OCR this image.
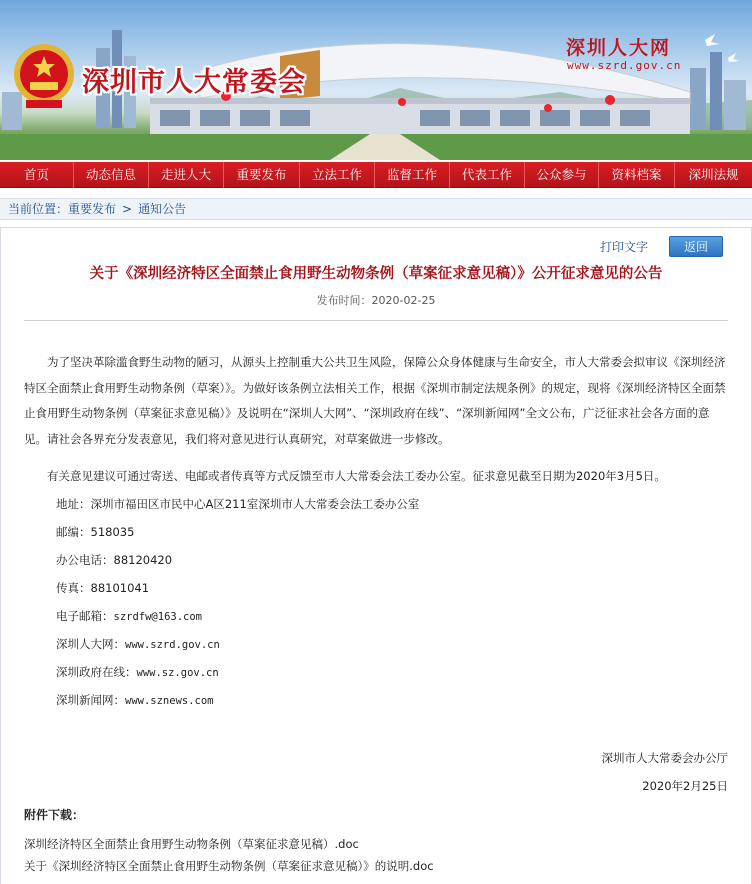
深圳市人大常委会
深圳人大网
www.szrd.gov.cn
首页	动态信息	走进人大	重要发布	立法工作	监督工作	代表工作	公众参与	资料档案	深圳法规
当前位置：重要发布 > 通知公告
打印文字	返回
关于《深圳经济特区全面禁止食用野生动物条例（草案征求意见稿）》公开征求意见的公告
发布时间：2020-02-25
为了坚决革除滥食野生动物的陋习，从源头上控制重大公共卫生风险，保障公众身体健康与生命安全，市人大常委会拟审议《深圳经济特区全面禁止食用野生动物条例（草案）》。为做好该条例立法相关工作，根据《深圳市制定法规条例》的规定，现将《深圳经济特区全面禁止食用野生动物条例（草案征求意见稿）》及说明在“深圳人大网”、“深圳政府在线”、“深圳新闻网”全文公布，广泛征求社会各方面的意见。请社会各界充分发表意见，我们将对意见进行认真研究，对草案做进一步修改。
有关意见建议可通过寄送、电邮或者传真等方式反馈至市人大常委会法工委办公室。征求意见截至日期为2020年3月5日。
地址：深圳市福田区市民中心A区211室深圳市人大常委会法工委办公室
邮编：518035
办公电话：88120420
传真：88101041
电子邮箱：szrdfw@163.com
深圳人大网：www.szrd.gov.cn
深圳政府在线：www.sz.gov.cn
深圳新闻网：www.sznews.com
深圳市人大常委会办公厅
2020年2月25日
附件下载：
深圳经济特区全面禁止食用野生动物条例（草案征求意见稿）.doc
关于《深圳经济特区全面禁止食用野生动物条例（草案征求意见稿）》的说明.doc
